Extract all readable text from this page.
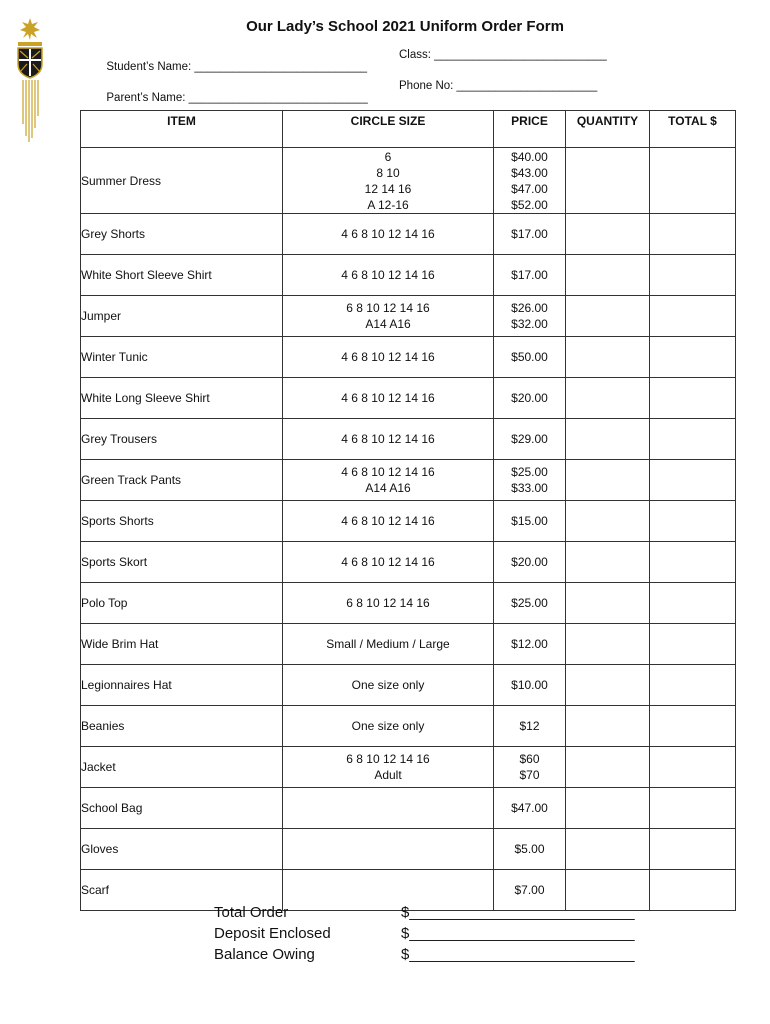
Our Lady’s School 2021 Uniform Order Form

Student’s Name: ___________________________

Class: ___________________________

Parent’s Name: ____________________________

Phone No: ______________________

ITEM	CIRCLE SIZE	PRICE	QUANTITY	TOTAL $
Summer Dress	6
8 10
12 14 16
A 12-16	$40.00
$43.00
$47.00
$52.00		
Grey Shorts	4 6 8 10 12 14 16	$17.00		
White Short Sleeve Shirt	4 6 8 10 12 14 16	$17.00		
Jumper	6 8 10 12 14 16
A14 A16	$26.00
$32.00		
Winter Tunic	4 6 8 10 12 14 16	$50.00		
White Long Sleeve Shirt	4 6 8 10 12 14 16	$20.00		
Grey Trousers	4 6 8 10 12 14 16	$29.00		
Green Track Pants	4 6 8 10 12 14 16
A14 A16	$25.00
$33.00		
Sports Shorts	4 6 8 10 12 14 16	$15.00		
Sports Skort	4 6 8 10 12 14 16	$20.00		
Polo Top	6 8 10 12 14 16	$25.00		
Wide Brim Hat	Small / Medium / Large	$12.00		
Legionnaires Hat	One size only	$10.00		
Beanies	One size only	$12		
Jacket	6 8 10 12 14 16
Adult	$60
$70		
School Bag		$47.00		
Gloves		$5.00		
Scarf		$7.00		
Total Order	$___________________________
Deposit Enclosed	$___________________________
Balance Owing	$___________________________
